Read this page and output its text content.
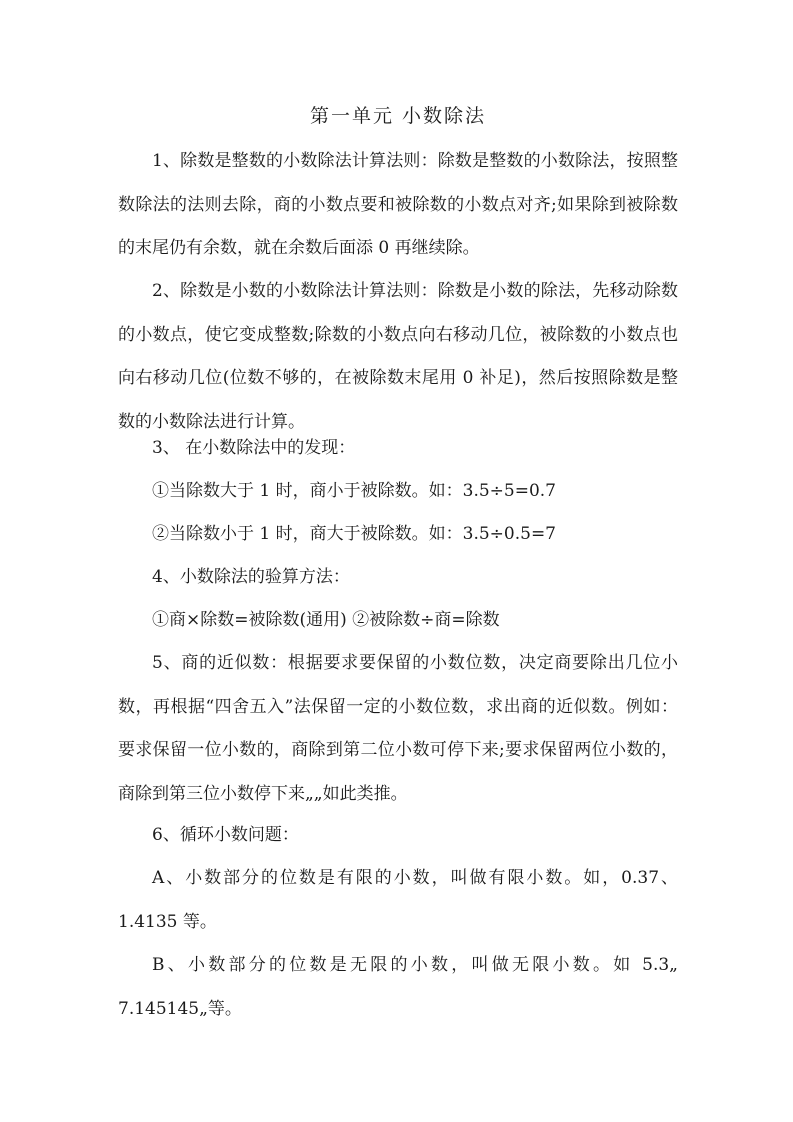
第一单元 小数除法
1、除数是整数的小数除法计算法则：除数是整数的小数除法，按照整数除法的法则去除，商的小数点要和被除数的小数点对齐;如果除到被除数的末尾仍有余数，就在余数后面添 0 再继续除。
2、除数是小数的小数除法计算法则：除数是小数的除法，先移动除数的小数点，使它变成整数;除数的小数点向右移动几位，被除数的小数点也向右移动几位(位数不够的，在被除数末尾用 0 补足)，然后按照除数是整数的小数除法进行计算。
3、 在小数除法中的发现：
①当除数大于 1 时，商小于被除数。如：3.5÷5=0.7
②当除数小于 1 时，商大于被除数。如：3.5÷0.5=7
4、小数除法的验算方法：
①商×除数=被除数(通用) ②被除数÷商=除数
5、商的近似数：根据要求要保留的小数位数，决定商要除出几位小数，再根据“四舍五入”法保留一定的小数位数，求出商的近似数。例如：要求保留一位小数的，商除到第二位小数可停下来;要求保留两位小数的，商除到第三位小数停下来„„如此类推。
6、循环小数问题：
A、小数部分的位数是有限的小数，叫做有限小数。如，0.37、1.4135 等。
B、小数部分的位数是无限的小数，叫做无限小数。如 5.3„ 7.145145„等。
